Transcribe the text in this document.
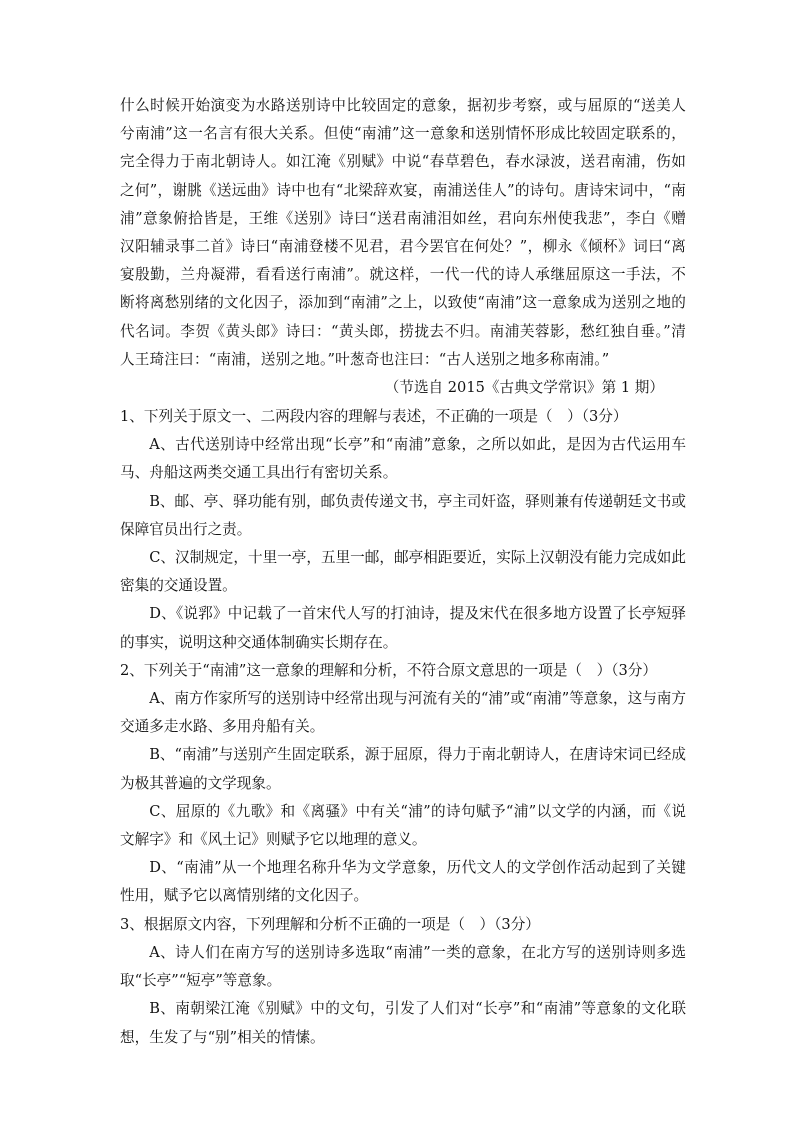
什么时候开始演变为水路送别诗中比较固定的意象，据初步考察，或与屈原的“送美人兮南浦”这一名言有很大关系。但使“南浦”这一意象和送别情怀形成比较固定联系的，完全得力于南北朝诗人。如江淹《别赋》中说“春草碧色，春水渌波，送君南浦，伤如之何”，谢朓《送远曲》诗中也有“北梁辞欢宴，南浦送佳人”的诗句。唐诗宋词中，“南浦”意象俯拾皆是，王维《送别》诗曰“送君南浦泪如丝，君向东州使我悲”，李白《赠汉阳辅录事二首》诗曰“南浦登楼不见君，君今罢官在何处？”，柳永《倾杯》词曰“离宴殷勤，兰舟凝滞，看看送行南浦”。就这样，一代一代的诗人承继屈原这一手法，不断将离愁别绪的文化因子，添加到“南浦”之上，以致使“南浦”这一意象成为送别之地的代名词。李贺《黄头郎》诗曰：“黄头郎，捞拢去不归。南浦芙蓉影，愁红独自垂。”清人王琦注曰：“南浦，送别之地。”叶葱奇也注曰：“古人送别之地多称南浦。”

（节选自 2015《古典文学常识》第 1 期）

1、下列关于原文一、二两段内容的理解与表述，不正确的一项是（　）（3分）

A、古代送别诗中经常出现“长亭”和“南浦”意象，之所以如此，是因为古代运用车马、舟船这两类交通工具出行有密切关系。

B、邮、亭、驿功能有别，邮负责传递文书，亭主司奸盗，驿则兼有传递朝廷文书或保障官员出行之责。

C、汉制规定，十里一亭，五里一邮，邮亭相距要近，实际上汉朝没有能力完成如此密集的交通设置。

D、《说郛》中记载了一首宋代人写的打油诗，提及宋代在很多地方设置了长亭短驿的事实，说明这种交通体制确实长期存在。

2、下列关于“南浦”这一意象的理解和分析，不符合原文意思的一项是（　）（3分）

A、南方作家所写的送别诗中经常出现与河流有关的“浦”或“南浦”等意象，这与南方交通多走水路、多用舟船有关。

B、“南浦”与送别产生固定联系，源于屈原，得力于南北朝诗人，在唐诗宋词已经成为极其普遍的文学现象。

C、屈原的《九歌》和《离骚》中有关“浦”的诗句赋予“浦”以文学的内涵，而《说文解字》和《风土记》则赋予它以地理的意义。

D、“南浦”从一个地理名称升华为文学意象，历代文人的文学创作活动起到了关键性用，赋予它以离情别绪的文化因子。

3、根据原文内容，下列理解和分析不正确的一项是（　）（3分）

A、诗人们在南方写的送别诗多选取“南浦”一类的意象，在北方写的送别诗则多选取“长亭”“短亭”等意象。

B、南朝梁江淹《别赋》中的文句，引发了人们对“长亭”和“南浦”等意象的文化联想，生发了与“别”相关的情愫。
